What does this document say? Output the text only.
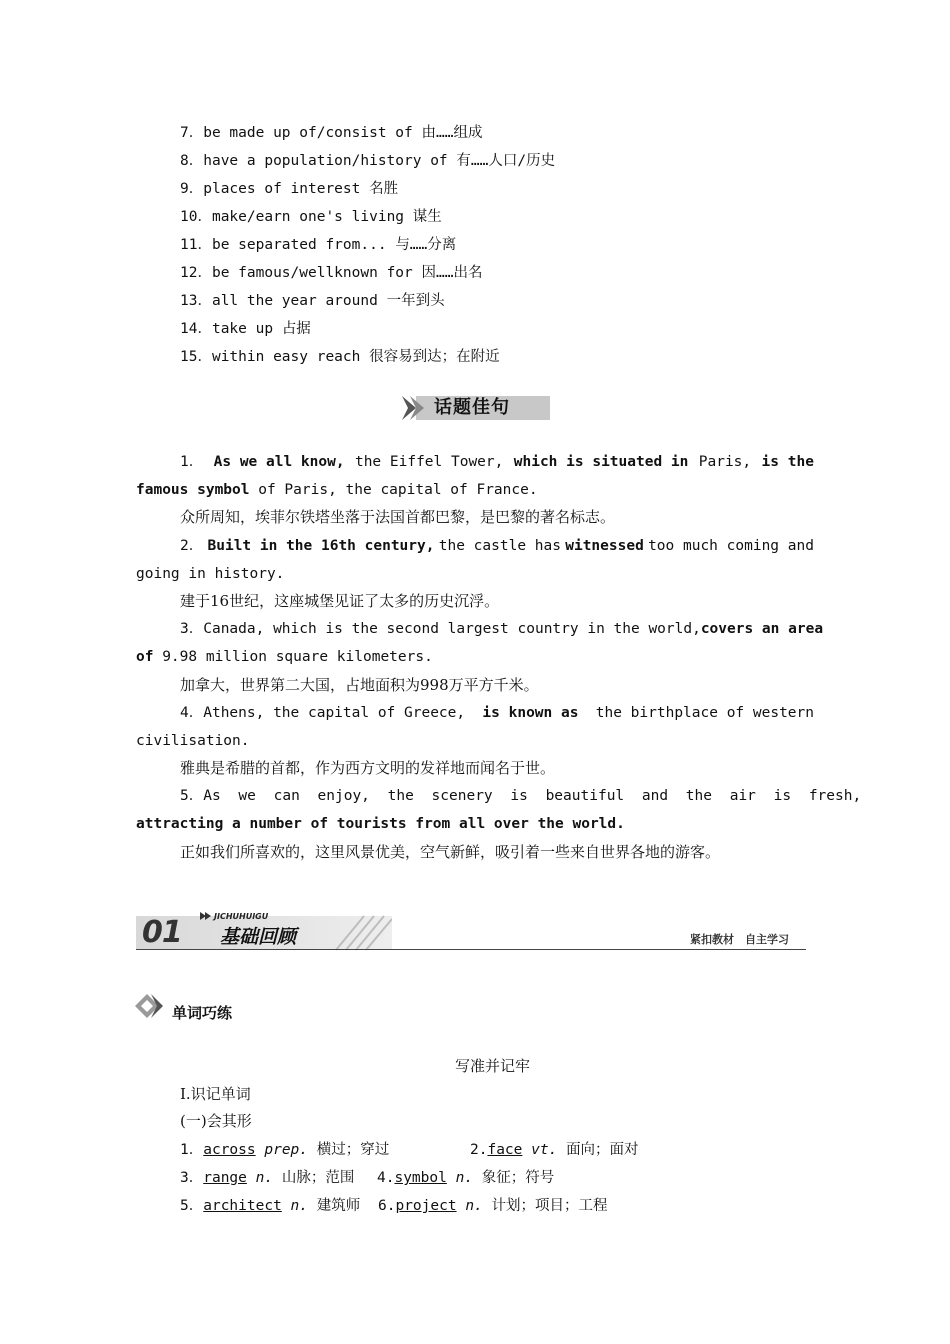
7．be made up of/consist of 由……组成
8．have a population/history of 有……人口/历史
9．places of interest 名胜
10．make/earn one's living 谋生
11．be separated from... 与……分离
12．be famous/wellknown for 因……出名
13．all the year around 一年到头
14．take up 占据
15．within easy reach 很容易到达；在附近
话题佳句
1． As we all know, the Eiffel Tower, which is situated in Paris, is the
famous symbol of Paris, the capital of France.
众所周知，埃菲尔铁塔坐落于法国首都巴黎，是巴黎的著名标志。
2． Built in the 16th century, the castle has witnessed too much coming and
going in history.
建于16世纪，这座城堡见证了太多的历史沉浮。
3．Canada, which is the second largest country in the world, covers an area
of 9.98 million square kilometers.
加拿大，世界第二大国，占地面积为998万平方千米。
4．Athens, the capital of Greece, is known as the birthplace of western
civilisation.
雅典是希腊的首都，作为西方文明的发祥地而闻名于世。
5．As we can enjoy, the scenery is beautiful and the air is fresh,
attracting a number of tourists from all over the world.
正如我们所喜欢的，这里风景优美，空气新鲜，吸引着一些来自世界各地的游客。
01	JICHUHUIGU
基础回顾	紧扣教材　自主学习
单词巧练
写准并记牢
Ⅰ.识记单词
(一)会其形
1．across prep. 横过；穿过	2.face vt. 面向；面对
3．range n. 山脉；范围 4.symbol n. 象征；符号
5．architect n. 建筑师 6.project n. 计划；项目；工程
